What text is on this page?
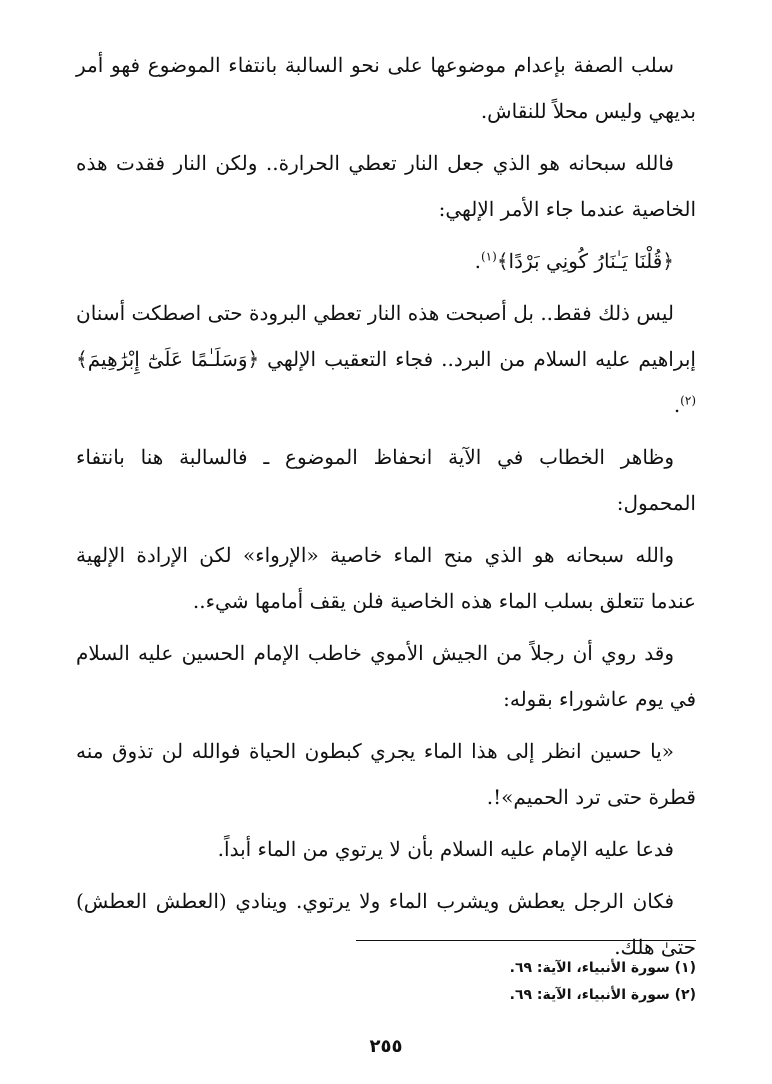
سلب الصفة بإعدام موضوعها على نحو السالبة بانتفاء الموضوع فهو أمر بديهي وليس محلاً للنقاش.

فالله سبحانه هو الذي جعل النار تعطي الحرارة.. ولكن النار فقدت هذه الخاصية عندما جاء الأمر الإلهي:

﴿قُلْنَا يَـٰنَارُ كُونِي بَرْدًا﴾$^{(١)}$.

ليس ذلك فقط.. بل أصبحت هذه النار تعطي البرودة حتى اصطكت أسنان إبراهيم عليه السلام من البرد.. فجاء التعقيب الإلهي ﴿وَسَلَـٰمًا عَلَىٰٓ إِبْرَٰهِيمَ﴾$^{(٢)}$.

وظاهر الخطاب في الآية انحفاظ الموضوع ـ فالسالبة هنا بانتفاء المحمول:

والله سبحانه هو الذي منح الماء خاصية «الإرواء» لكن الإرادة الإلهية عندما تتعلق بسلب الماء هذه الخاصية فلن يقف أمامها شيء..

وقد روي أن رجلاً من الجيش الأموي خاطب الإمام الحسين عليه السلام في يوم عاشوراء بقوله:

«يا حسين انظر إلى هذا الماء يجري كبطون الحياة فوالله لن تذوق منه قطرة حتى ترد الحميم»!.

فدعا عليه الإمام عليه السلام بأن لا يرتوي من الماء أبداً.

فكان الرجل يعطش ويشرب الماء ولا يرتوي. وينادي (العطش العطش) حتىٰ هلك.

(١) سورة الأنبياء، الآية: ٦٩.

(٢) سورة الأنبياء، الآية: ٦٩.

٢٥٥
